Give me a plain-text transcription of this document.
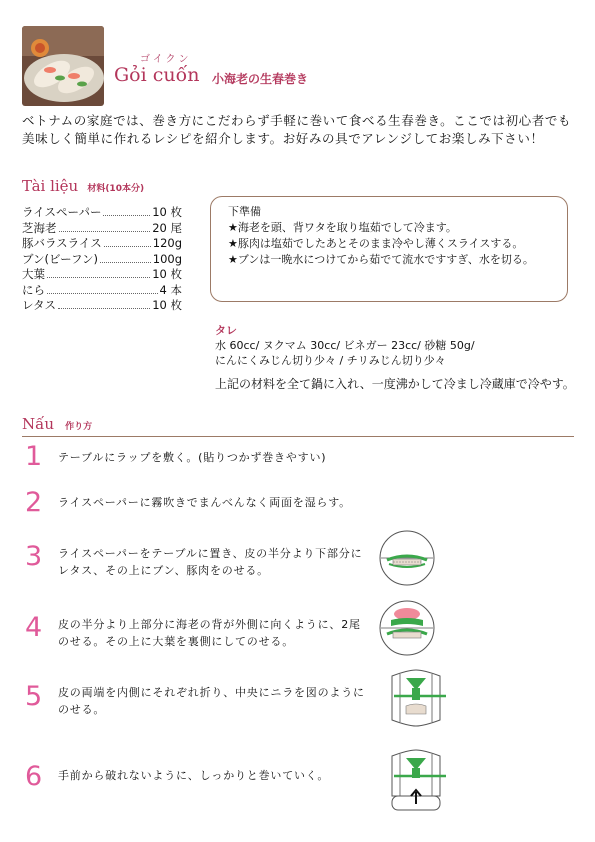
ゴイクン
Gỏi cuốn 小海老の生春巻き
ベトナムの家庭では、巻き方にこだわらず手軽に巻いて食べる生春巻き。ここでは初心者でも美味しく簡単に作れるレシピを紹介します。お好みの具でアレンジしてお楽しみ下さい！
Tài liệu 材料(10本分)
ライスペーパー	10 枚
芝海老	20 尾
豚バラスライス	120g
ブン(ビーフン)	100g
大葉	10 枚
にら	4 本
レタス	10 枚
下準備
★海老を頭、背ワタを取り塩茹でして冷ます。
★豚肉は塩茹でしたあとそのまま冷やし薄くスライスする。
★ブンは一晩水につけてから茹でて流水ですすぎ、水を切る。
タレ
水 60cc/ ヌクマム 30cc/ ビネガー 23cc/ 砂糖 50g/
にんにくみじん切り少々 / チリみじん切り少々
上記の材料を全て鍋に入れ、一度沸かして冷まし冷蔵庫で冷やす。
Nấu 作り方
1 テーブルにラップを敷く。(貼りつかず巻きやすい)
2 ライスペーパーに霧吹きでまんべんなく両面を湿らす。
3 ライスペーパーをテーブルに置き、皮の半分より下部分にレタス、その上にブン、豚肉をのせる。
4 皮の半分より上部分に海老の背が外側に向くように、2尾のせる。その上に大葉を裏側にしてのせる。
5 皮の両端を内側にそれぞれ折り、中央にニラを図のようにのせる。
6 手前から破れないように、しっかりと巻いていく。
